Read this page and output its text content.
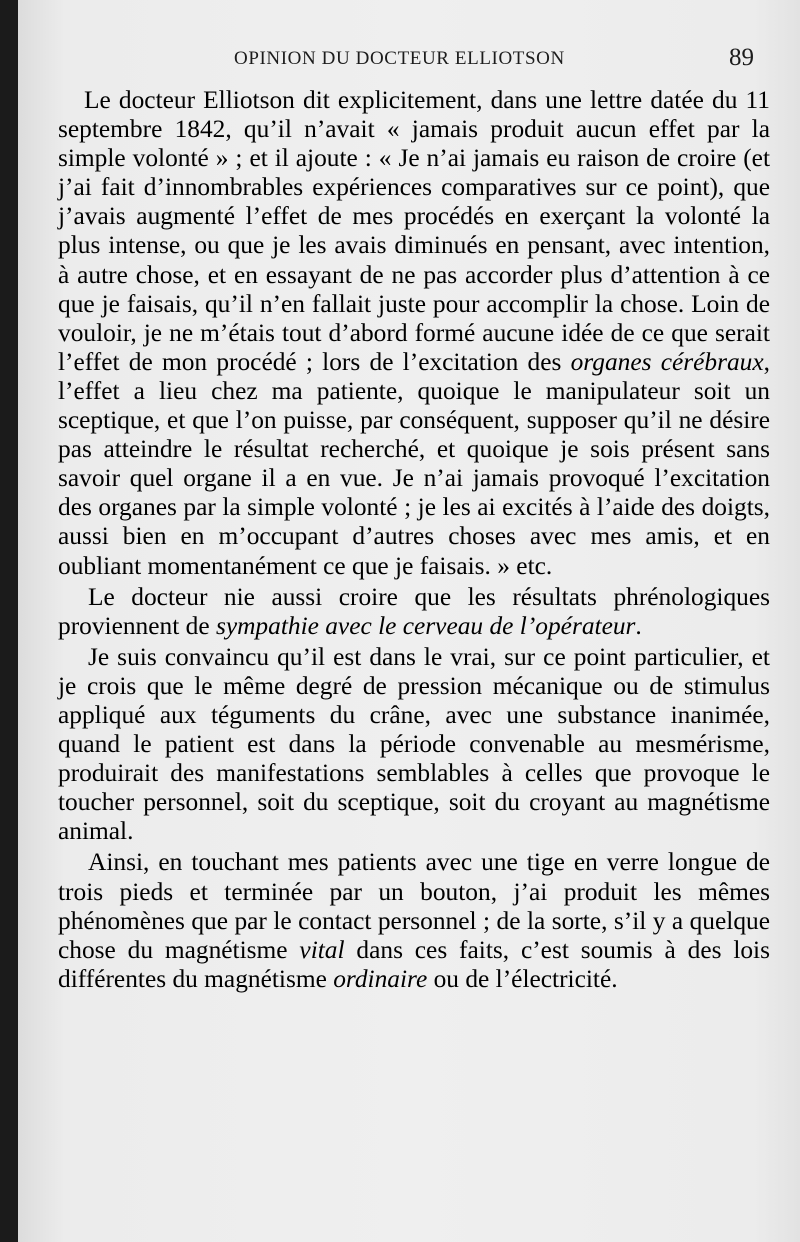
OPINION DU DOCTEUR ELLIOTSON	89

Le docteur Elliotson dit explicitement, dans une lettre datée du 11 septembre 1842, qu’il n’avait « jamais produit aucun effet par la simple volonté » ; et il ajoute : « Je n’ai jamais eu raison de croire (et j’ai fait d’innombrables expériences comparatives sur ce point), que j’avais augmenté l’effet de mes procédés en exerçant la volonté la plus intense, ou que je les avais diminués en pensant, avec intention, à autre chose, et en essayant de ne pas accorder plus d’attention à ce que je faisais, qu’il n’en fallait juste pour accomplir la chose. Loin de vouloir, je ne m’étais tout d’abord formé aucune idée de ce que serait l’effet de mon procédé ; lors de l’excitation des organes cérébraux, l’effet a lieu chez ma patiente, quoique le manipulateur soit un sceptique, et que l’on puisse, par conséquent, supposer qu’il ne désire pas atteindre le résultat recherché, et quoique je sois présent sans savoir quel organe il a en vue. Je n’ai jamais provoqué l’excitation des organes par la simple volonté ; je les ai excités à l’aide des doigts, aussi bien en m’occupant d’autres choses avec mes amis, et en oubliant momentanément ce que je faisais. » etc.

Le docteur nie aussi croire que les résultats phrénologiques proviennent de sympathie avec le cerveau de l’opérateur.

Je suis convaincu qu’il est dans le vrai, sur ce point particulier, et je crois que le même degré de pression mécanique ou de stimulus appliqué aux téguments du crâne, avec une substance inanimée, quand le patient est dans la période convenable au mesmérisme, produirait des manifestations semblables à celles que provoque le toucher personnel, soit du sceptique, soit du croyant au magnétisme animal.

Ainsi, en touchant mes patients avec une tige en verre longue de trois pieds et terminée par un bouton, j’ai produit les mêmes phénomènes que par le contact personnel ; de la sorte, s’il y a quelque chose du magnétisme vital dans ces faits, c’est soumis à des lois différentes du magnétisme ordinaire ou de l’électricité.
